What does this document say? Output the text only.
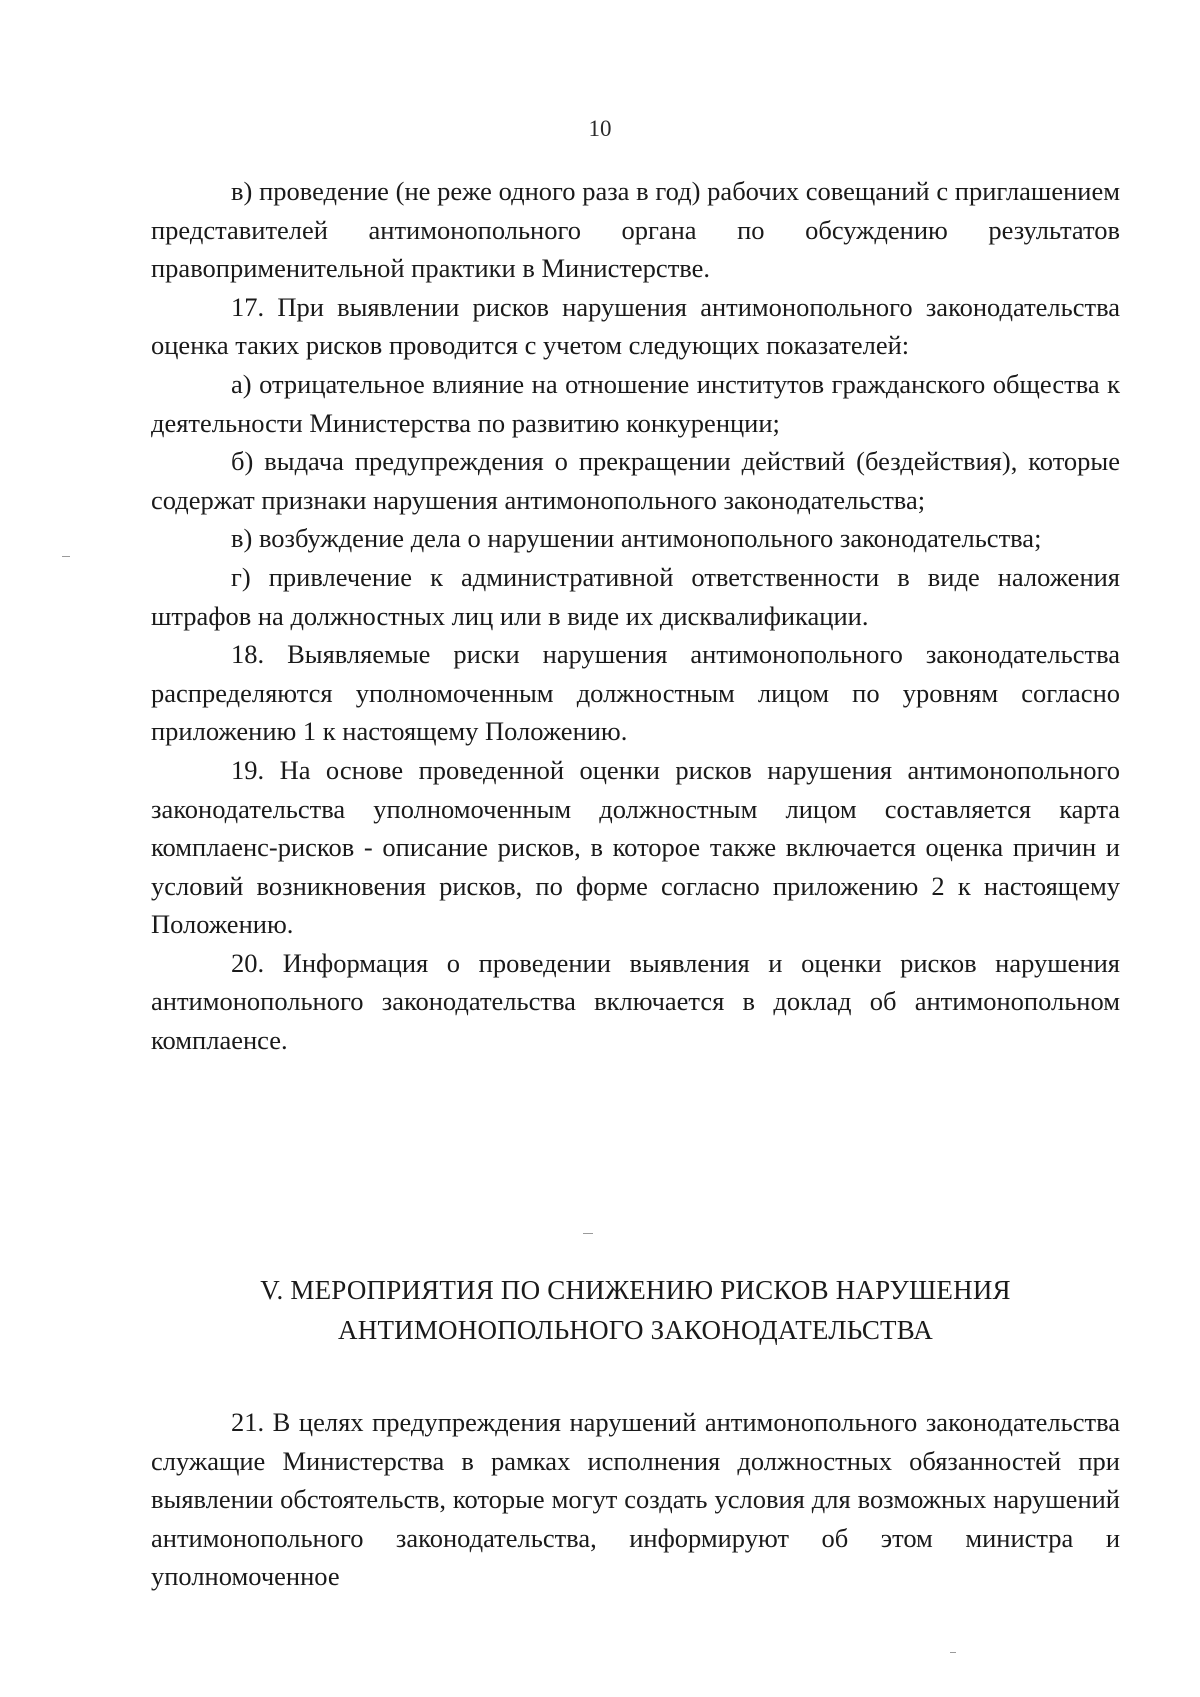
10

в) проведение (не реже одного раза в год) рабочих совещаний с приглашением представителей антимонопольного органа по обсуждению результатов правоприменительной практики в Министерстве.

17. При выявлении рисков нарушения антимонопольного законодательства оценка таких рисков проводится с учетом следующих показателей:

а) отрицательное влияние на отношение институтов гражданского общества к деятельности Министерства по развитию конкуренции;

б) выдача предупреждения о прекращении действий (бездействия), которые содержат признаки нарушения антимонопольного законодательства;

в) возбуждение дела о нарушении антимонопольного законодательства;

г) привлечение к административной ответственности в виде наложения штрафов на должностных лиц или в виде их дисквалификации.

18. Выявляемые риски нарушения антимонопольного законодательства распределяются уполномоченным должностным лицом по уровням согласно приложению 1 к настоящему Положению.

19. На основе проведенной оценки рисков нарушения антимонопольного законодательства уполномоченным должностным лицом составляется карта комплаенс-рисков - описание рисков, в которое также включается оценка причин и условий возникновения рисков, по форме согласно приложению 2 к настоящему Положению.

20. Информация о проведении выявления и оценки рисков нарушения антимонопольного законодательства включается в доклад об антимонопольном комплаенсе.

V. МЕРОПРИЯТИЯ ПО СНИЖЕНИЮ РИСКОВ НАРУШЕНИЯ
АНТИМОНОПОЛЬНОГО ЗАКОНОДАТЕЛЬСТВА

21. В целях предупреждения нарушений антимонопольного законодательства служащие Министерства в рамках исполнения должностных обязанностей при выявлении обстоятельств, которые могут создать условия для возможных нарушений антимонопольного законодательства, информируют об этом министра и уполномоченное
